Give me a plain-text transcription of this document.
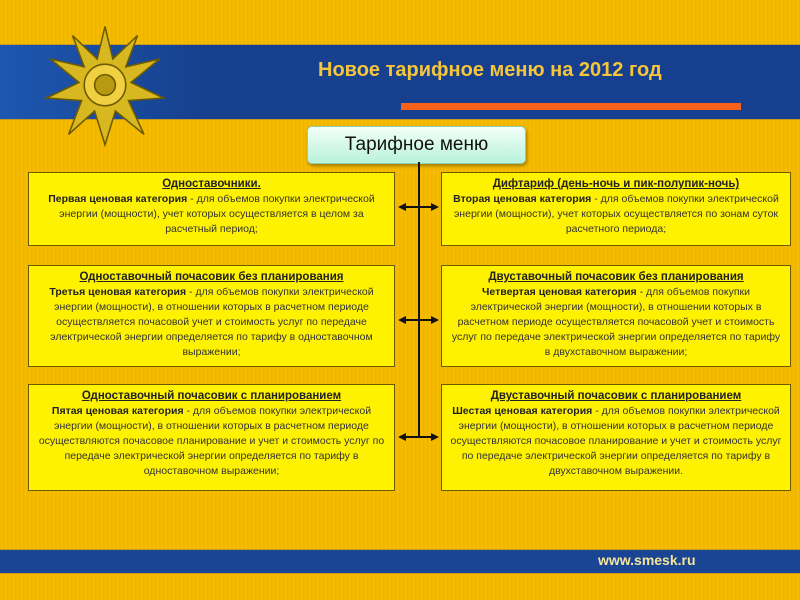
Новое тарифное меню на 2012 год
Тарифное меню
Одноставочники.
Первая ценовая категория - для объемов покупки электрической энергии (мощности), учет которых осуществляется в целом за расчетный период;
Дифтариф (день-ночь и пик-полупик-ночь)
Вторая ценовая категория - для объемов покупки электрической энергии (мощности), учет которых осуществляется по зонам суток расчетного периода;
Одноставочный почасовик без планирования
Третья ценовая категория - для объемов покупки электрической энергии (мощности), в отношении которых в расчетном периоде осуществляется почасовой учет и стоимость услуг по передаче электрической энергии определяется по тарифу в одноставочном выражении;
Двуставочный почасовик без планирования
Четвертая ценовая категория - для объемов покупки электрической энергии (мощности), в отношении которых в расчетном периоде осуществляется почасовой учет и стоимость услуг по передаче электрической энергии определяется по тарифу в двухставочном выражении;
Одноставочный почасовик с планированием
Пятая ценовая категория - для объемов покупки электрической энергии (мощности), в отношении которых в расчетном периоде осуществляются почасовое планирование и учет и стоимость услуг по передаче электрической энергии определяется по тарифу в одноставочном выражении;
Двуставочный почасовик с планированием
Шестая ценовая категория - для объемов покупки электрической энергии (мощности), в отношении которых в расчетном периоде осуществляются почасовое планирование и учет и стоимость услуг по передаче электрической энергии определяется по тарифу в двухставочном выражении.
www.smesk.ru
